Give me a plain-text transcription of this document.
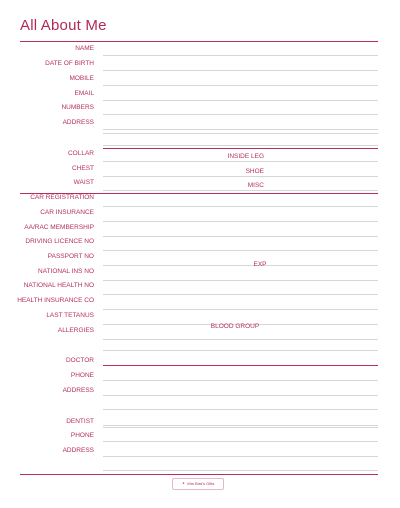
All About Me
NAME
DATE OF BIRTH
MOBILE
EMAIL
NUMBERS
ADDRESS
COLLAR
CHEST
WAIST
INSIDE LEG
SHOE
MISC
CAR REGISTRATION
CAR INSURANCE
AA/RAC MEMBERSHIP
DRIVING LICENCE NO
PASSPORT NO
NATIONAL INS NO
NATIONAL HEALTH NO
HEALTH INSURANCE CO
LAST TETANUS
ALLERGIES
EXP
BLOOD GROUP
DOCTOR
PHONE
ADDRESS
DENTIST
PHONE
ADDRESS
⋆ Mrs Bird's Gifts
